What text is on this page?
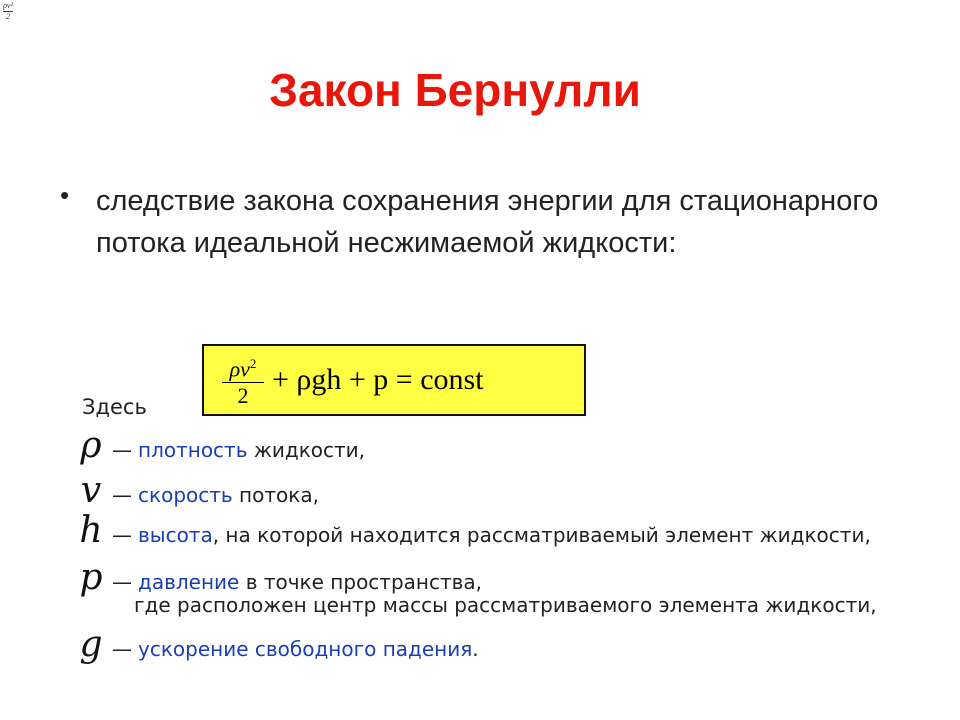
ρv²
2
Закон Бернулли
• следствие закона сохранения энергии для стационарного потока идеальной несжимаемой жидкости:
$\frac{\rho v^2}{2} + \rho gh + p$ = const
Здесь
ρ — плотность
жидкости,
v — скорость
потока,
h — высота , на которой находится рассматриваемый элемент жидкости,
p — давление
в точке пространства,
где расположен центр массы рассматриваемого элемента жидкости,
g — ускорение свободного падения .
